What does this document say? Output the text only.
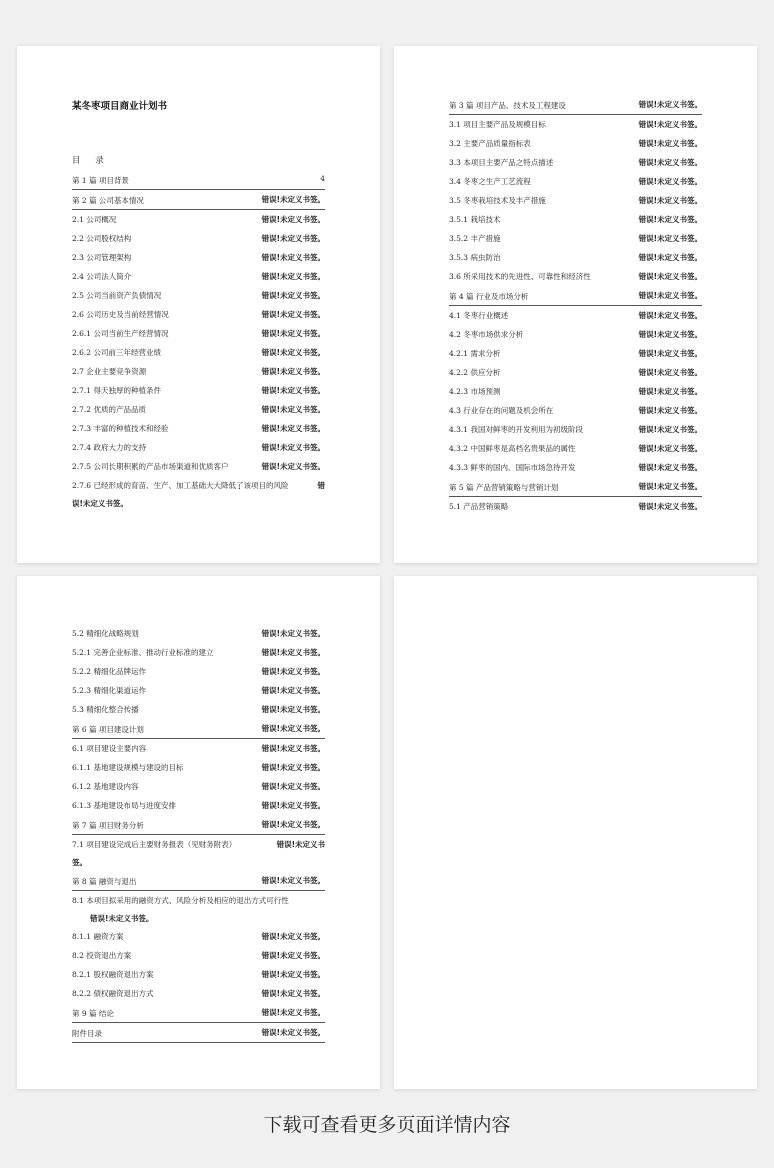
某冬枣项目商业计划书
目 录
第 1 篇 项目背景	4
第 2 篇 公司基本情况	错误!未定义书签。
2.1 公司概况	错误!未定义书签。
2.2 公司股权结构	错误!未定义书签。
2.3 公司管理架构	错误!未定义书签。
2.4 公司法人简介	错误!未定义书签。
2.5 公司当前资产负债情况	错误!未定义书签。
2.6 公司历史及当前经营情况	错误!未定义书签。
2.6.1 公司当前生产经营情况	错误!未定义书签。
2.6.2 公司前三年经营业绩	错误!未定义书签。
2.7 企业主要竞争资源	错误!未定义书签。
2.7.1 得天独厚的种植条件	错误!未定义书签。
2.7.2 优质的产品品质	错误!未定义书签。
2.7.3 丰富的种植技术和经验	错误!未定义书签。
2.7.4 政府大力的支持	错误!未定义书签。
2.7.5 公司长期积累的产品市场渠道和优质客户	错误!未定义书签。
2.7.6 已经形成的育苗、生产、加工基础大大降低了该项目的风险	错
误!未定义书签。
第 3 篇 项目产品、技术及工程建设	错误!未定义书签。
3.1 项目主要产品及规模目标	错误!未定义书签。
3.2 主要产品质量指标表	错误!未定义书签。
3.3 本项目主要产品之特点描述	错误!未定义书签。
3.4 冬枣之生产工艺流程	错误!未定义书签。
3.5 冬枣栽培技术及丰产措施	错误!未定义书签。
3.5.1 栽培技术	错误!未定义书签。
3.5.2 丰产措施	错误!未定义书签。
3.5.3 病虫防治	错误!未定义书签。
3.6 所采用技术的先进性、可靠性和经济性	错误!未定义书签。
第 4 篇 行业及市场分析	错误!未定义书签。
4.1 冬枣行业概述	错误!未定义书签。
4.2 冬枣市场供求分析	错误!未定义书签。
4.2.1 需求分析	错误!未定义书签。
4.2.2 供应分析	错误!未定义书签。
4.2.3 市场预测	错误!未定义书签。
4.3 行业存在的问题及机会所在	错误!未定义书签。
4.3.1 我国对鲜枣的开发利用为初级阶段	错误!未定义书签。
4.3.2 中国鲜枣是高档名贵果品的属性	错误!未定义书签。
4.3.3 鲜枣的国内、国际市场急待开发	错误!未定义书签。
第 5 篇 产品营销策略与营销计划	错误!未定义书签。
5.1 产品营销策略	错误!未定义书签。
5.2 精细化战略规划	错误!未定义书签。
5.2.1 完善企业标准、推动行业标准的建立	错误!未定义书签。
5.2.2 精细化品牌运作	错误!未定义书签。
5.2.3 精细化渠道运作	错误!未定义书签。
5.3 精细化整合传播	错误!未定义书签。
第 6 篇 项目建设计划	错误!未定义书签。
6.1 项目建设主要内容	错误!未定义书签。
6.1.1 基地建设规模与建设的目标	错误!未定义书签。
6.1.2 基地建设内容	错误!未定义书签。
6.1.3 基地建设布局与进度安排	错误!未定义书签。
第 7 篇 项目财务分析	错误!未定义书签。
7.1 项目建设完成后主要财务报表（见财务附表）	错误!未定义书
签。
第 8 篇 融资与退出	错误!未定义书签。
8.1 本项目拟采用的融资方式、风险分析及相应的退出方式可行性
错误!未定义书签。
8.1.1 融资方案	错误!未定义书签。
8.2 投资退出方案	错误!未定义书签。
8.2.1 股权融资退出方案	错误!未定义书签。
8.2.2 债权融资退出方式	错误!未定义书签。
第 9 篇 结论	错误!未定义书签。
附件目录	错误!未定义书签。
下载可查看更多页面详情内容
